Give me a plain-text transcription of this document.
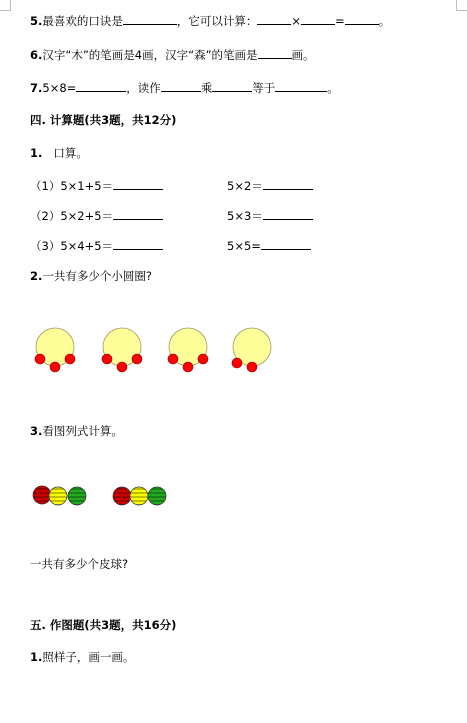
5.最喜欢的口诀是	，它可以计算：	×	=	。
6.汉字“木”的笔画是4画，汉字“森”的笔画是	画。
7.5×8=	，读作	乘	等于	。
四. 计算题(共3题，共12分)
1. 口算。
（1）5×1+5＝	5×2＝
（2）5×2+5＝	5×3＝
（3）5×4+5＝	5×5=
2.一共有多少个小圆圈?
3.看图列式计算。
一共有多少个皮球?
五. 作图题(共3题，共16分)
1.照样子，画一画。
